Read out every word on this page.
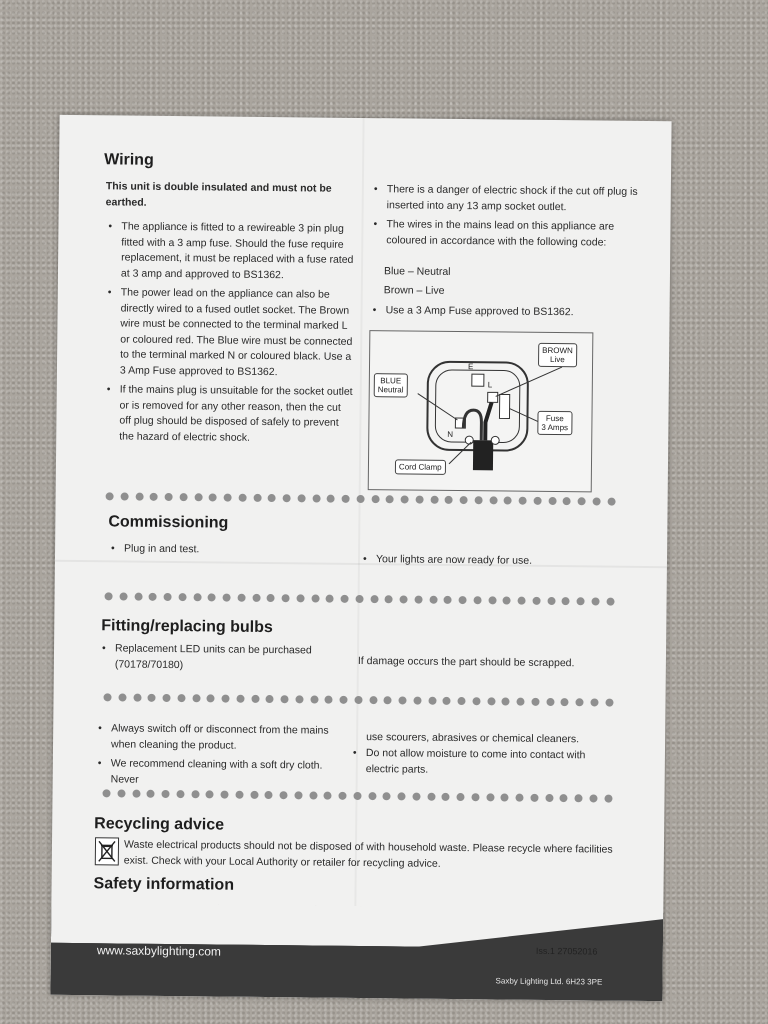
Wiring
This unit is double insulated and must not be earthed.
• The appliance is fitted to a rewireable 3 pin plug fitted with a 3 amp fuse. Should the fuse require replacement, it must be replaced with a fuse rated at 3 amp and approved to BS1362.
• The power lead on the appliance can also be directly wired to a fused outlet socket. The Brown wire must be connected to the terminal marked L or coloured red. The Blue wire must be connected to the terminal marked N or coloured black. Use a 3 Amp Fuse approved to BS1362.
• If the mains plug is unsuitable for the socket outlet or is removed for any other reason, then the cut off plug should be disposed of safely to prevent the hazard of electric shock.
• There is a danger of electric shock if the cut off plug is inserted into any 13 amp socket outlet.
• The wires in the mains lead on this appliance are coloured in accordance with the following code:
Blue – Neutral
Brown – Live
• Use a 3 Amp Fuse approved to BS1362.
BROWN
Live
BLUE
Neutral
Fuse
3 Amps
Cord Clamp
E
L
N
Commissioning
• Plug in and test.
• Your lights are now ready for use.
Fitting/replacing bulbs
• Replacement LED units can be purchased (70178/70180)	If damage occurs the part should be scrapped.
• Always switch off or disconnect from the mains when cleaning the product.
• We recommend cleaning with a soft dry cloth. Never
use scourers, abrasives or chemical cleaners.
• Do not allow moisture to come into contact with electric parts.
Recycling advice
Waste electrical products should not be disposed of with household waste. Please recycle where facilities exist. Check with your Local Authority or retailer for recycling advice.
Safety information
www.saxbylighting.com	Iss.1 27052016
Saxby Lighting Ltd. 6H23 3PE
